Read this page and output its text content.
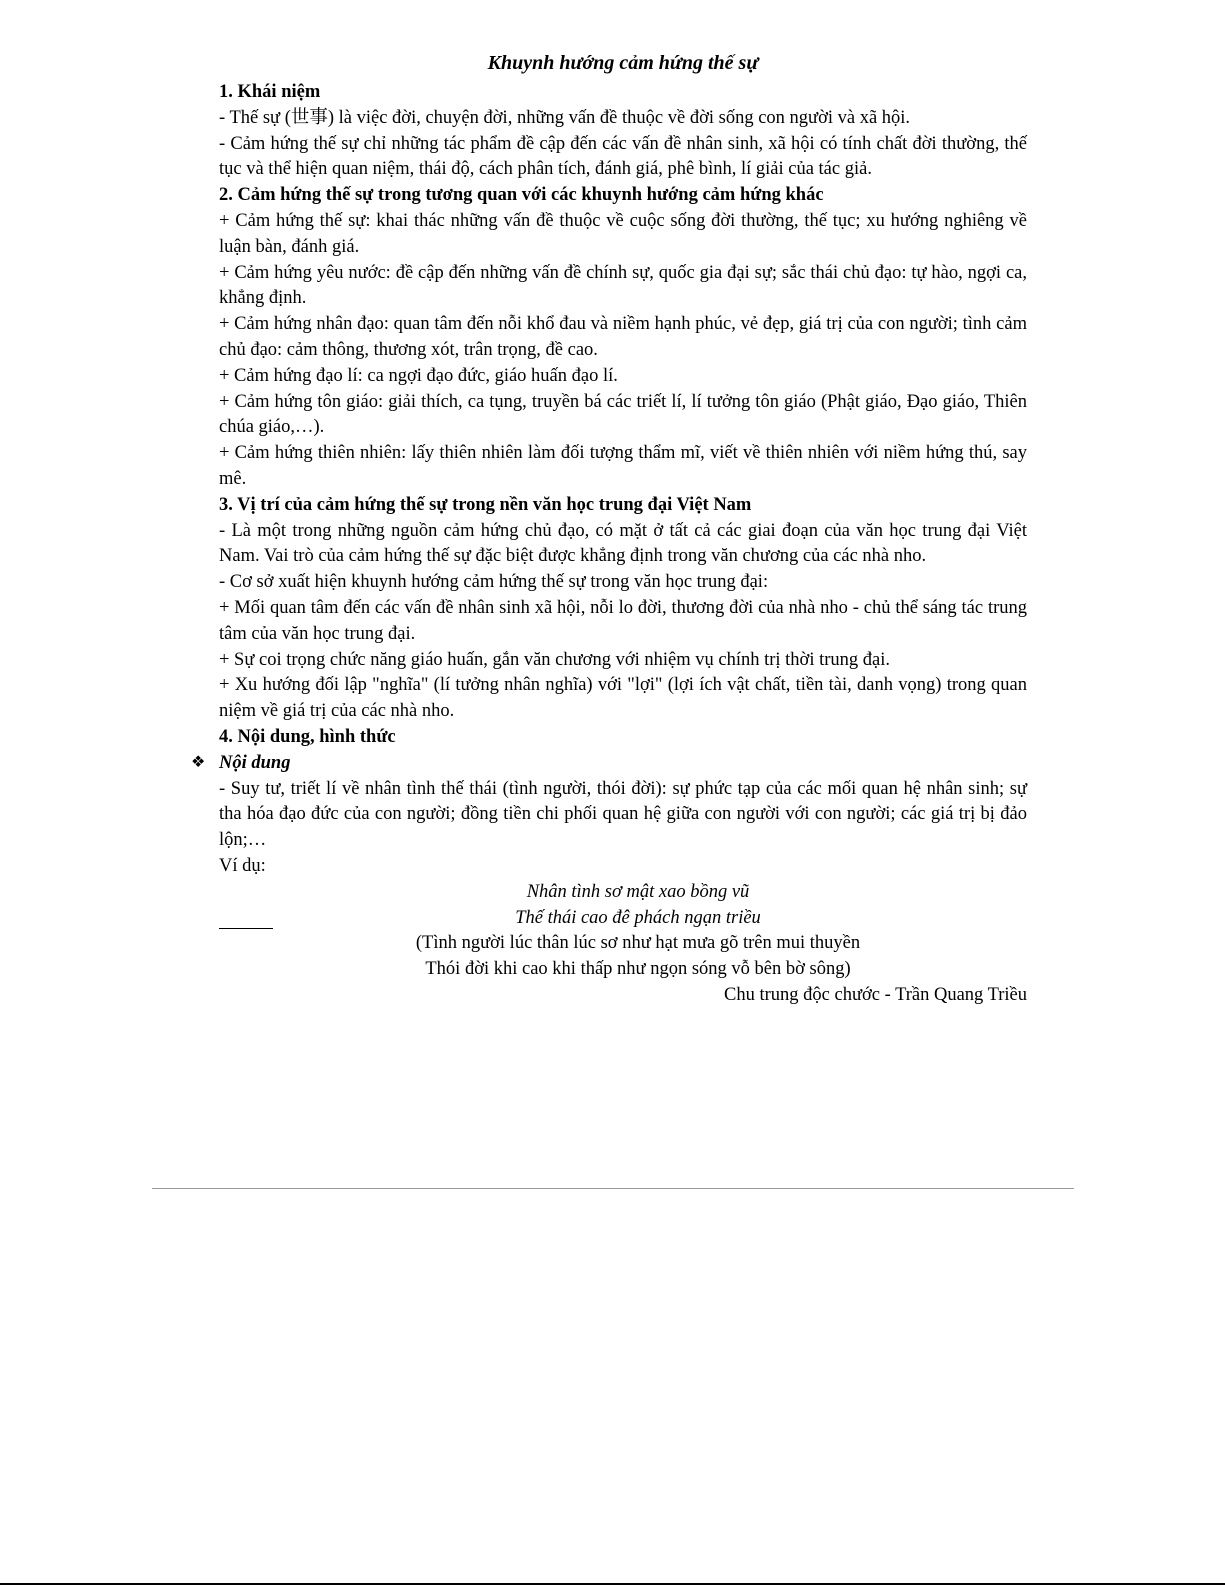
Khuynh hướng cảm hứng thế sự

1. Khái niệm

- Thế sự (世事) là việc đời, chuyện đời, những vấn đề thuộc về đời sống con người và xã hội.

- Cảm hứng thế sự chỉ những tác phẩm đề cập đến các vấn đề nhân sinh, xã hội có tính chất đời thường, thế tục và thể hiện quan niệm, thái độ, cách phân tích, đánh giá, phê bình, lí giải của tác giả.

2. Cảm hứng thế sự trong tương quan với các khuynh hướng cảm hứng khác

+ Cảm hứng thế sự: khai thác những vấn đề thuộc về cuộc sống đời thường, thế tục; xu hướng nghiêng về luận bàn, đánh giá.

+ Cảm hứng yêu nước: đề cập đến những vấn đề chính sự, quốc gia đại sự; sắc thái chủ đạo: tự hào, ngợi ca, khẳng định.

+ Cảm hứng nhân đạo: quan tâm đến nỗi khổ đau và niềm hạnh phúc, vẻ đẹp, giá trị của con người; tình cảm chủ đạo: cảm thông, thương xót, trân trọng, đề cao.

+ Cảm hứng đạo lí: ca ngợi đạo đức, giáo huấn đạo lí.

+ Cảm hứng tôn giáo: giải thích, ca tụng, truyền bá các triết lí, lí tưởng tôn giáo (Phật giáo, Đạo giáo, Thiên chúa giáo,…).

+ Cảm hứng thiên nhiên: lấy thiên nhiên làm đối tượng thẩm mĩ, viết về thiên nhiên với niềm hứng thú, say mê.

3. Vị trí của cảm hứng thế sự trong nền văn học trung đại Việt Nam

- Là một trong những nguồn cảm hứng chủ đạo, có mặt ở tất cả các giai đoạn của văn học trung đại Việt Nam. Vai trò của cảm hứng thế sự đặc biệt được khẳng định trong văn chương của các nhà nho.

- Cơ sở xuất hiện khuynh hướng cảm hứng thế sự trong văn học trung đại:

+ Mối quan tâm đến các vấn đề nhân sinh xã hội, nỗi lo đời, thương đời của nhà nho - chủ thể sáng tác trung tâm của văn học trung đại.

+ Sự coi trọng chức năng giáo huấn, gắn văn chương với nhiệm vụ chính trị thời trung đại.

+ Xu hướng đối lập "nghĩa" (lí tưởng nhân nghĩa) với "lợi" (lợi ích vật chất, tiền tài, danh vọng) trong quan niệm về giá trị của các nhà nho.

4. Nội dung, hình thức

❖ Nội dung

- Suy tư, triết lí về nhân tình thế thái (tình người, thói đời): sự phức tạp của các mối quan hệ nhân sinh; sự tha hóa đạo đức của con người; đồng tiền chi phối quan hệ giữa con người với con người; các giá trị bị đảo lộn;…

Ví dụ:

Nhân tình sơ mật xao bồng vũ

Thế thái cao đê phách ngạn triều

(Tình người lúc thân lúc sơ như hạt mưa gõ trên mui thuyền

Thói đời khi cao khi thấp như ngọn sóng vỗ bên bờ sông)

Chu trung độc chước - Trần Quang Triều
